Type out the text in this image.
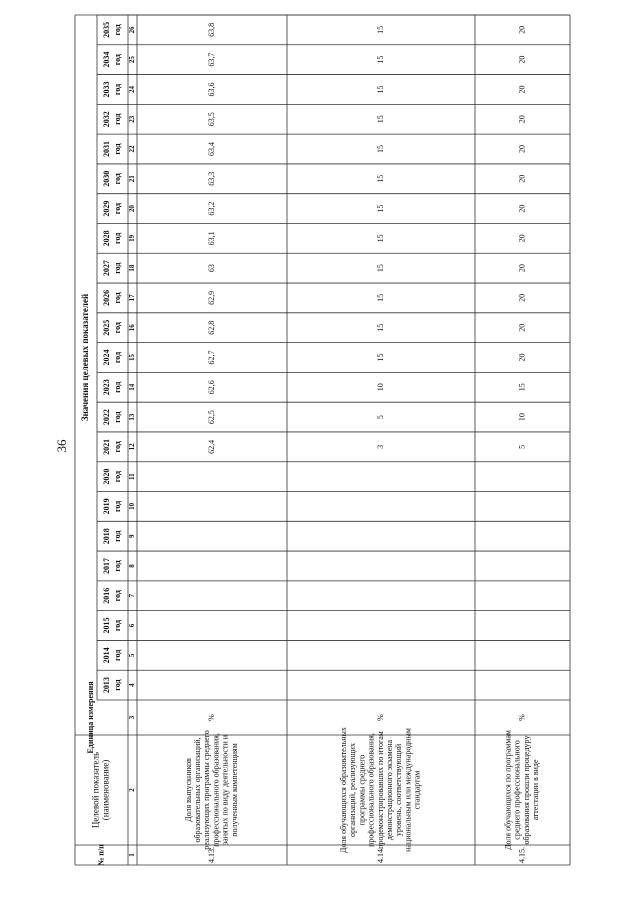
36
Значения целевых показателей
Единица измерения
Целевой показатель (наименование)
№ п/п
2013 год
2014 год
2015 год
2016 год
2017 год
2018 год
2019 год
2020 год
2021 год
2022 год
2023 год
2024 год
2025 год
2026 год
2027 год
2028 год
2029 год
2030 год
2031 год
2032 год
2033 год
2034 год
2035 год
1
2
3
4
5
6
7
8
9
10
11
12
13
14
15
16
17
18
19
20
21
22
23
24
25
26
4.13.
Доля выпускников образовательных организаций, реализующих программы среднего профессионального образования, занятых по виду деятельности и полученным компетенциям
%
62,4
62,5
62,6
62,7
62,8
62,9
63
63,1
63,2
63,3
63,4
63,5
63,6
63,7
63,8
4.14.
Доля обучающихся образовательных организаций, реализующих программы среднего профессионального образования, продемонстрировавших по итогам демонстрационного экзамена уровень, соответствующий национальным или международным стандартам
%
3
5
10
15
15
15
15
15
15
15
15
15
15
15
15
4.15.
Доля обучающихся по программам среднего профессионального образования прошли процедуру аттестации в виде
%
5
10
15
20
20
20
20
20
20
20
20
20
20
20
20
